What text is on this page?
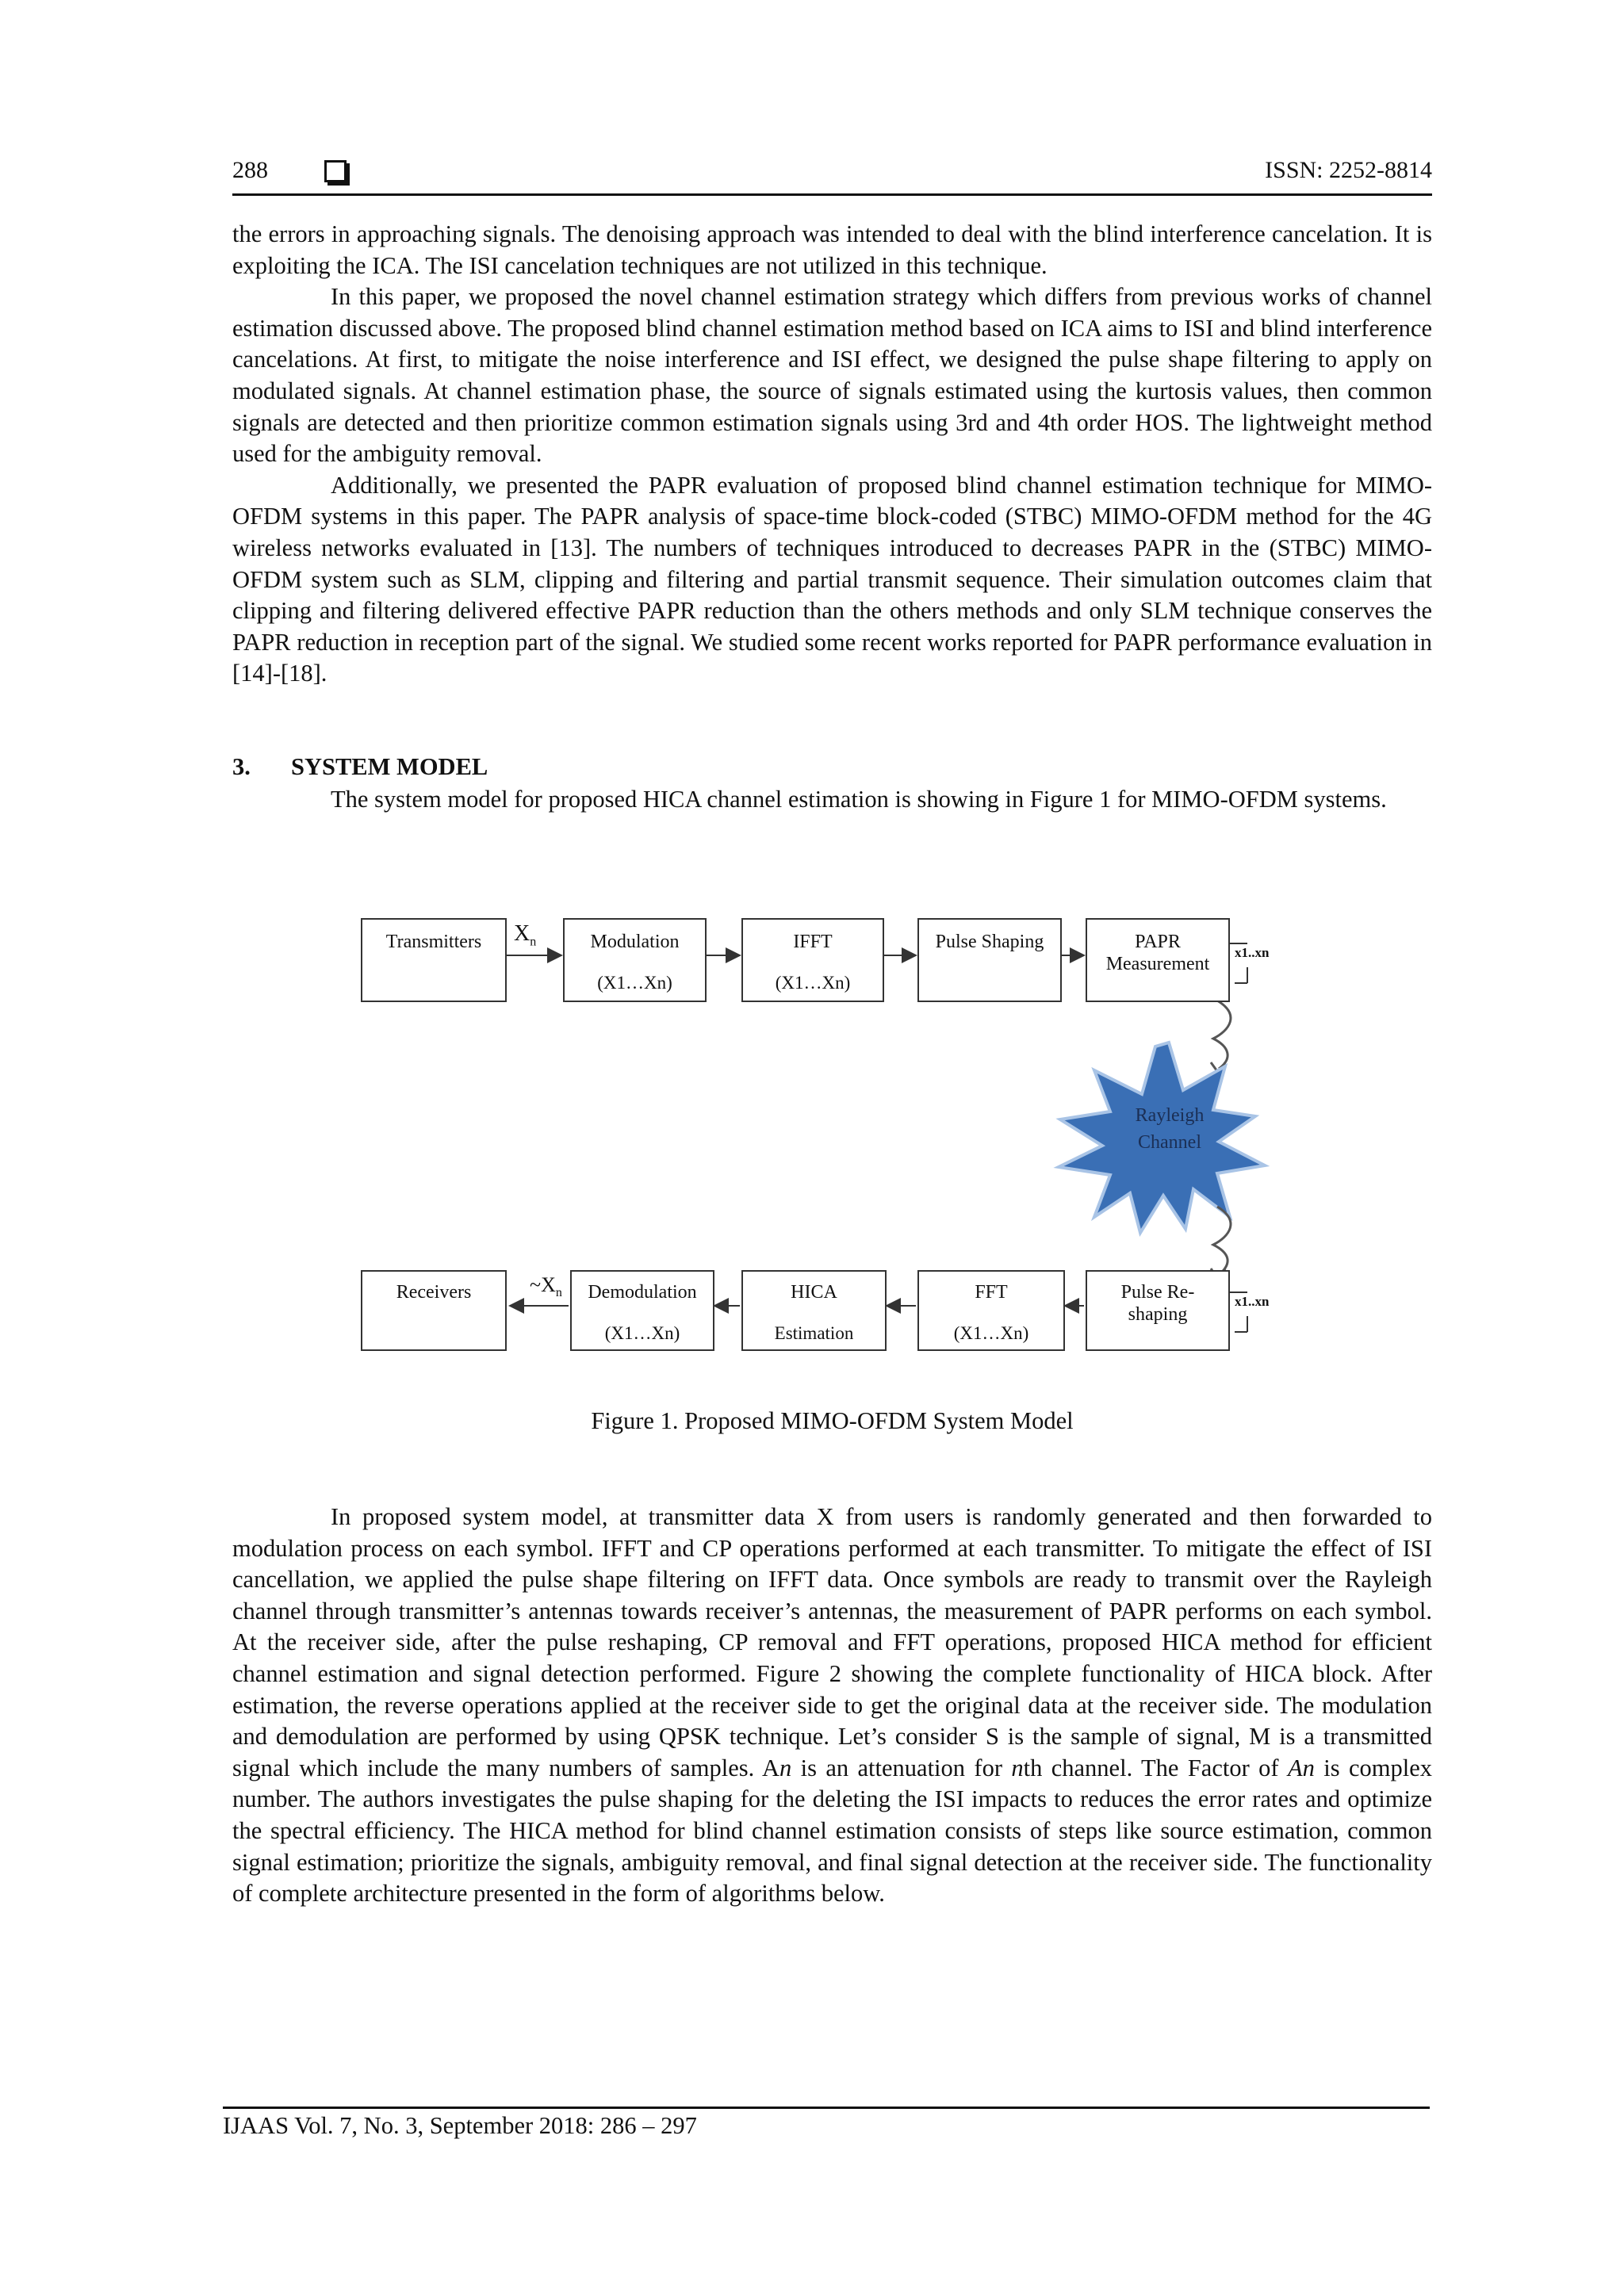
288	ISSN: 2252-8814

the errors in approaching signals. The denoising approach was intended to deal with the blind interference cancelation. It is exploiting the ICA. The ISI cancelation techniques are not utilized in this technique.

In this paper, we proposed the novel channel estimation strategy which differs from previous works of channel estimation discussed above. The proposed blind channel estimation method based on ICA aims to ISI and blind interference cancelations. At first, to mitigate the noise interference and ISI effect, we designed the pulse shape filtering to apply on modulated signals. At channel estimation phase, the source of signals estimated using the kurtosis values, then common signals are detected and then prioritize common estimation signals using 3rd and 4th order HOS. The lightweight method used for the ambiguity removal.

Additionally, we presented the PAPR evaluation of proposed blind channel estimation technique for MIMO-OFDM systems in this paper. The PAPR analysis of space-time block-coded (STBC) MIMO-OFDM method for the 4G wireless networks evaluated in [13]. The numbers of techniques introduced to decreases PAPR in the (STBC) MIMO-OFDM system such as SLM, clipping and filtering and partial transmit sequence. Their simulation outcomes claim that clipping and filtering delivered effective PAPR reduction than the others methods and only SLM technique conserves the PAPR reduction in reception part of the signal. We studied some recent works reported for PAPR performance evaluation in [14]-[18].

3. SYSTEM MODEL

The system model for proposed HICA channel estimation is showing in Figure 1 for MIMO-OFDM systems.

Transmitters	$X_n$	Modulation
(X1…Xn)
IFFT
(X1…Xn)
Pulse Shaping	PAPR
Measurement
x1..xn
Rayleigh
Channel
Receivers	$\sim X_n$	Demodulation
(X1…Xn)
HICA
Estimation
FFT
(X1…Xn)
Pulse Re-
shaping
x1..xn
Figure 1. Proposed MIMO-OFDM System Model

In proposed system model, at transmitter data X from users is randomly generated and then forwarded to modulation process on each symbol. IFFT and CP operations performed at each transmitter. To mitigate the effect of ISI cancellation, we applied the pulse shape filtering on IFFT data. Once symbols are ready to transmit over the Rayleigh channel through transmitter’s antennas towards receiver’s antennas, the measurement of PAPR performs on each symbol. At the receiver side, after the pulse reshaping, CP removal and FFT operations, proposed HICA method for efficient channel estimation and signal detection performed. Figure 2 showing the complete functionality of HICA block. After estimation, the reverse operations applied at the receiver side to get the original data at the receiver side. The modulation and demodulation are performed by using QPSK technique. Let’s consider S is the sample of signal, M is a transmitted signal which include the many numbers of samples. An is an attenuation for nth channel. The Factor of An is complex number. The authors investigates the pulse shaping for the deleting the ISI impacts to reduces the error rates and optimize the spectral efficiency. The HICA method for blind channel estimation consists of steps like source estimation, common signal estimation; prioritize the signals, ambiguity removal, and final signal detection at the receiver side. The functionality of complete architecture presented in the form of algorithms below.

IJAAS Vol. 7, No. 3, September 2018: 286 – 297
